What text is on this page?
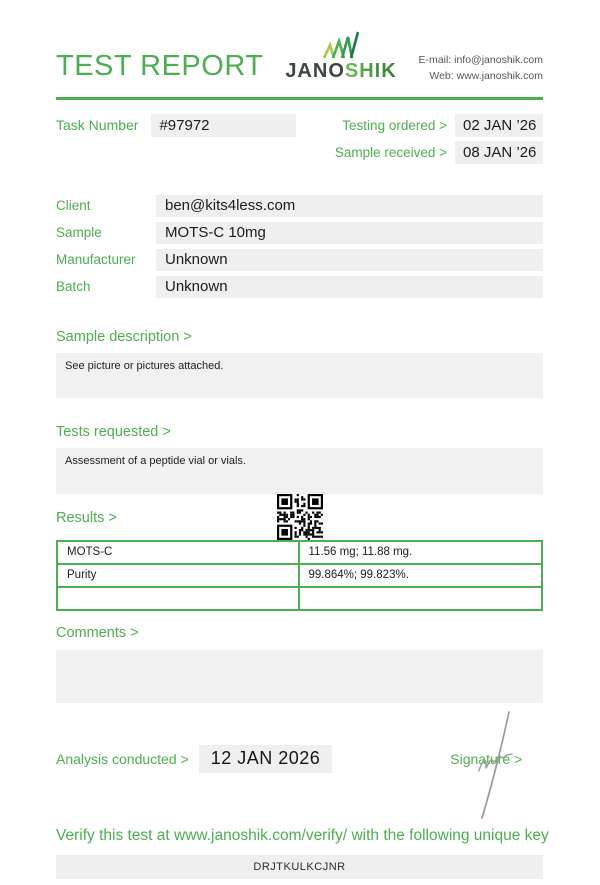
TEST REPORT JANOSHIK E-mail: info@janoshik.com
Web: www.janoshik.com
Task Number	#97972	Testing ordered >	02 JAN ’26
Sample received >	08 JAN ’26
Client	ben@kits4less.com
Sample	MOTS-C 10mg
Manufacturer	Unknown
Batch	Unknown
Sample description >
See picture or pictures attached.
Tests requested >
Assessment of a peptide vial or vials.
Results >
MOTS-C	11.56 mg; 11.88 mg.
Purity	99.864%; 99.823%.
Comments >
Analysis conducted >	12 JAN 2026	Signature >
Verify this test at www.janoshik.com/verify/ with the following unique key
DRJTKULKCJNR
